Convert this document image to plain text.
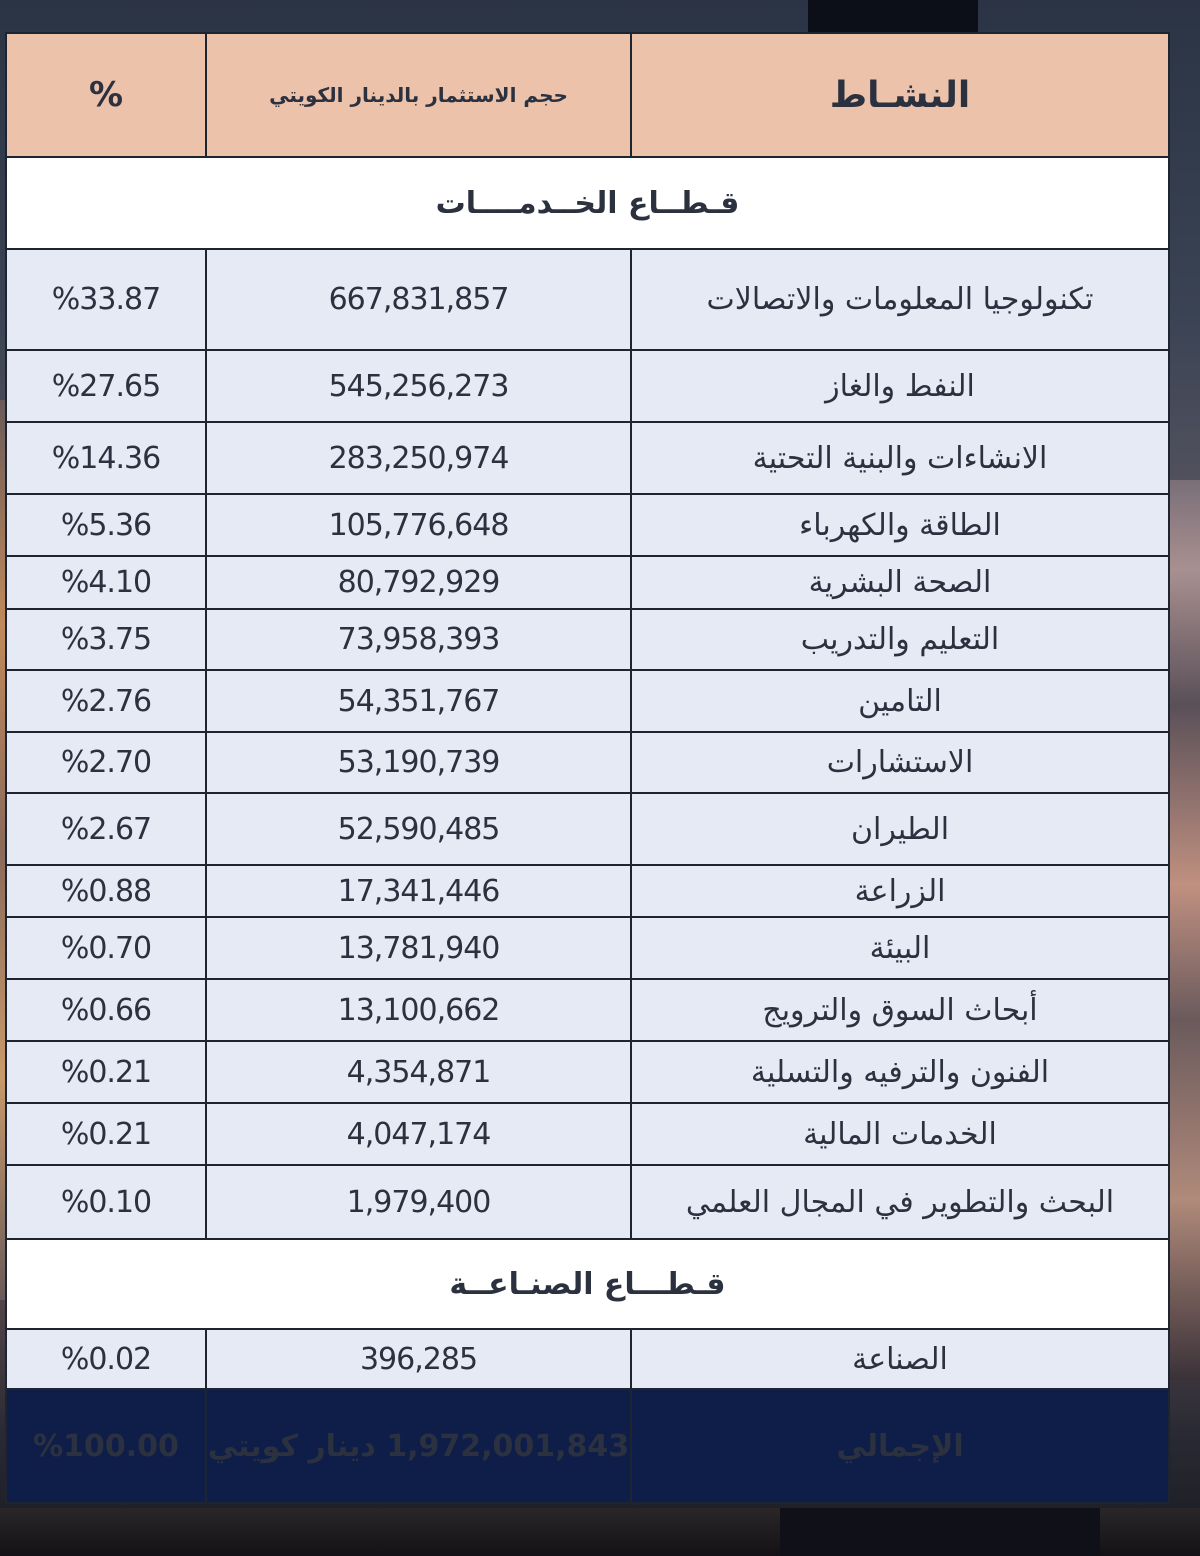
النشـاط	حجم الاستثمار بالدينار الكويتي	%
قـطــاع الخــدمــــات		
تكنولوجيا المعلومات والاتصالات	667,831,857	%33.87
النفط والغاز	545,256,273	%27.65
الانشاءات والبنية التحتية	283,250,974	%14.36
الطاقة والكهرباء	105,776,648	%5.36
الصحة البشرية	80,792,929	%4.10
التعليم والتدريب	73,958,393	%3.75
التامين	54,351,767	%2.76
الاستشارات	53,190,739	%2.70
الطيران	52,590,485	%2.67
الزراعة	17,341,446	%0.88
البيئة	13,781,940	%0.70
أبحاث السوق والترويج	13,100,662	%0.66
الفنون والترفيه والتسلية	4,354,871	%0.21
الخدمات المالية	4,047,174	%0.21
البحث والتطوير في المجال العلمي	1,979,400	%0.10
قـطـــاع الصنـاعــة		
الصناعة	396,285	%0.02
الإجمالي	1,972,001,843 دينار كويتي	%100.00
